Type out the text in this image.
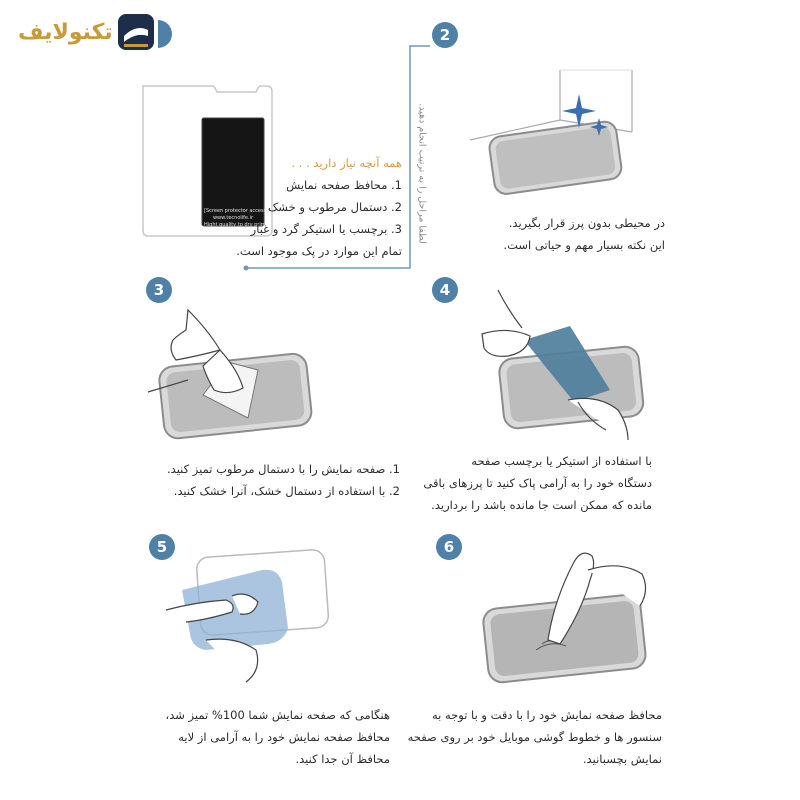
تکنولایف
[Screen protector accessories]
www.tecnolife.ir
Hight quality to dry prim
همه آنچه نیاز دارید . . .
1. محافظ صفحه نمایش
2. دستمال مرطوب و خشک
3. برچسب یا استیکر گرد و غبار
تمام این موارد در پک موجود است.
لطفا مراحل را به ترتیب انجام دهید.
2
در محیطی بدون پرز قرار بگیرید.
این نکته بسیار مهم و حیاتی است.
3
1. صفحه نمایش را با دستمال مرطوب تمیز کنید.
2. با استفاده از دستمال خشک، آنرا خشک کنید.
4
با استفاده از استیکر یا برچسب صفحه
دستگاه خود را به آرامی پاک کنید تا پرزهای باقی
مانده که ممکن است جا مانده باشد را بردارید.
5
هنگامی که صفحه نمایش شما 100% تمیز شد،
محافظ صفحه نمایش خود را به آرامی از لایه
محافظ آن جدا کنید.
6
محافظ صفحه نمایش خود را با دقت و با توجه به
سنسور ها و خطوط گوشی موبایل خود بر روی صفحه
نمایش بچسبانید.
